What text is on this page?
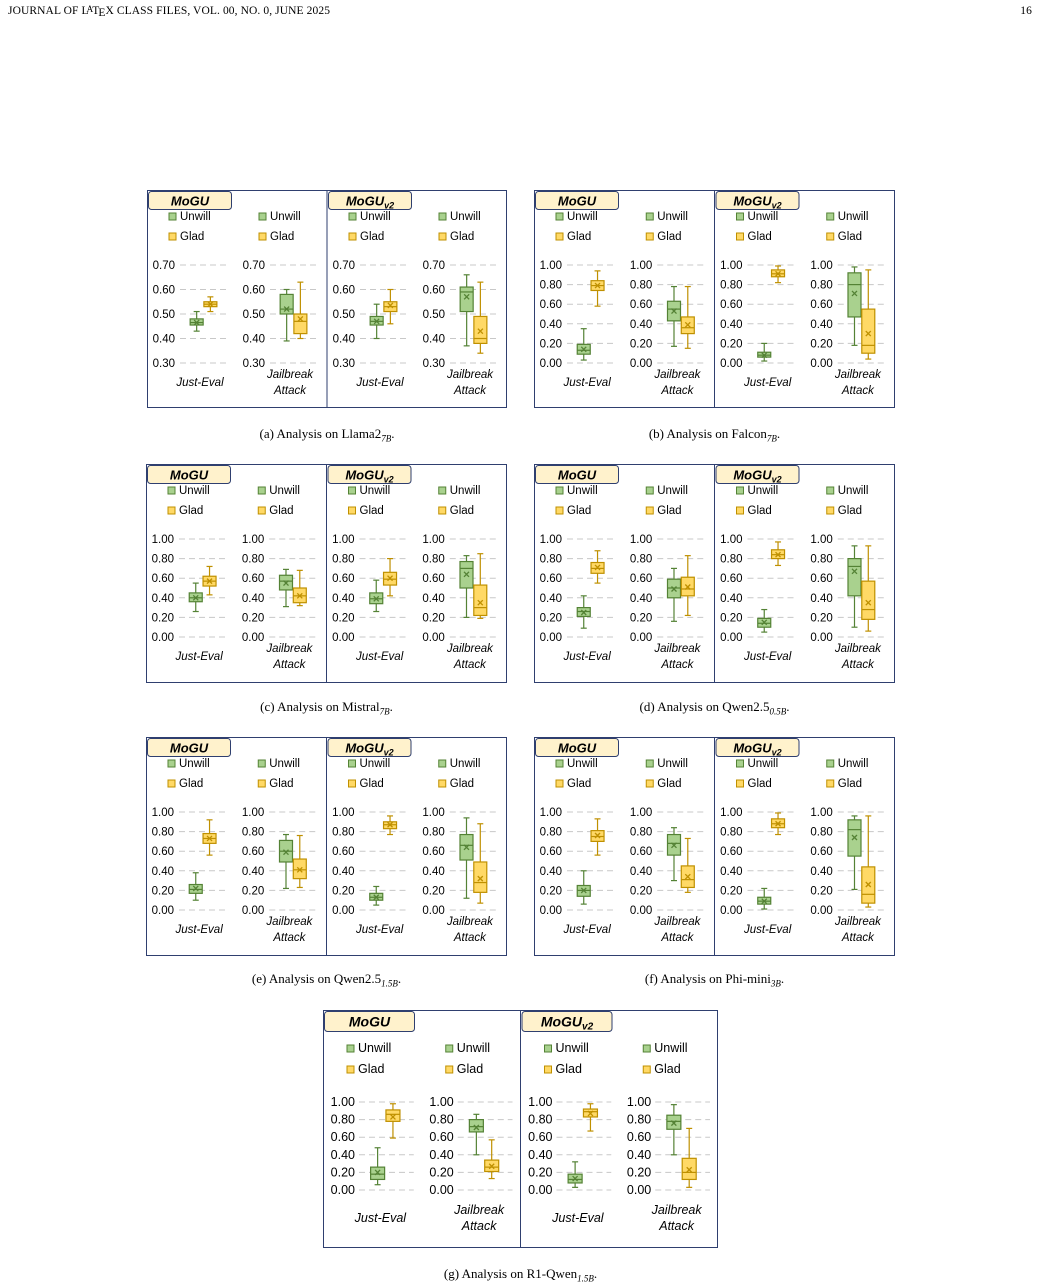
JOURNAL OF LATEX CLASS FILES, VOL. 00, NO. 0, JUNE 2025	16
MoGU
Unwill
Glad
0.70
0.60
0.50
0.40
0.30
Just-Eval
Unwill
Glad
0.70
0.60
0.50
0.40
0.30
Jailbreak Attack
MoGU$_{v2}$
Unwill
Glad
0.70
0.60
0.50
0.40
0.30
Just-Eval
Unwill
Glad
0.70
0.60
0.50
0.40
0.30
Jailbreak Attack
(a) Analysis on $Llama2_{7B}$.
MoGU
Unwill
Glad
1.00
0.80
0.60
0.40
0.20
0.00
Just-Eval
Unwill
Glad
1.00
0.80
0.60
0.40
0.20
0.00
Jailbreak Attack
MoGU$_{v2}$
Unwill
Glad
1.00
0.80
0.60
0.40
0.20
0.00
Just-Eval
Unwill
Glad
1.00
0.80
0.60
0.40
0.20
0.00
Jailbreak Attack
(b) Analysis on Falcon$_{7B}$.
MoGU
Unwill
Glad
1.00
0.80
0.60
0.40
0.20
0.00
Just-Eval
Unwill
Glad
1.00
0.80
0.60
0.40
0.20
0.00
Jailbreak Attack
MoGU$_{v2}$
Unwill
Glad
1.00
0.80
0.60
0.40
0.20
0.00
Just-Eval
Unwill
Glad
1.00
0.80
0.60
0.40
0.20
0.00
Jailbreak Attack
(c) Analysis on Mistral$_{7B}$.
MoGU
Unwill
Glad
1.00
0.80
0.60
0.40
0.20
0.00
Just-Eval
Unwill
Glad
1.00
0.80
0.60
0.40
0.20
0.00
Jailbreak Attack
MoGU$_{v2}$
Unwill
Glad
1.00
0.80
0.60
0.40
0.20
0.00
Just-Eval
Unwill
Glad
1.00
0.80
0.60
0.40
0.20
0.00
Jailbreak Attack
(d) Analysis on $Qwen2.5_{0.5B}$.
MoGU
Unwill
Glad
1.00
0.80
0.60
0.40
0.20
0.00
Just-Eval
Unwill
Glad
1.00
0.80
0.60
0.40
0.20
0.00
Jailbreak Attack
MoGU$_{v2}$
Unwill
Glad
1.00
0.80
0.60
0.40
0.20
0.00
Just-Eval
Unwill
Glad
1.00
0.80
0.60
0.40
0.20
0.00
Jailbreak Attack
(e) Analysis on $Qwen2.5_{1.5B}$.
MoGU
Unwill
Glad
1.00
0.80
0.60
0.40
0.20
0.00
Just-Eval
Unwill
Glad
1.00
0.80
0.60
0.40
0.20
0.00
Jailbreak Attack
MoGU$_{v2}$
Unwill
Glad
1.00
0.80
0.60
0.40
0.20
0.00
Just-Eval
Unwill
Glad
1.00
0.80
0.60
0.40
0.20
0.00
Jailbreak Attack
(f) Analysis on Phi-mini$_{3B}$.
MoGU
Unwill
Glad
1.00
0.80
0.60
0.40
0.20
0.00
Just-Eval
Unwill
Glad
1.00
0.80
0.60
0.40
0.20
0.00
Jailbreak Attack
MoGU$_{v2}$
Unwill
Glad
1.00
0.80
0.60
0.40
0.20
0.00
Just-Eval
Unwill
Glad
1.00
0.80
0.60
0.40
0.20
0.00
Jailbreak Attack
(g) Analysis on R1-Qwen$_{1.5B}$.
